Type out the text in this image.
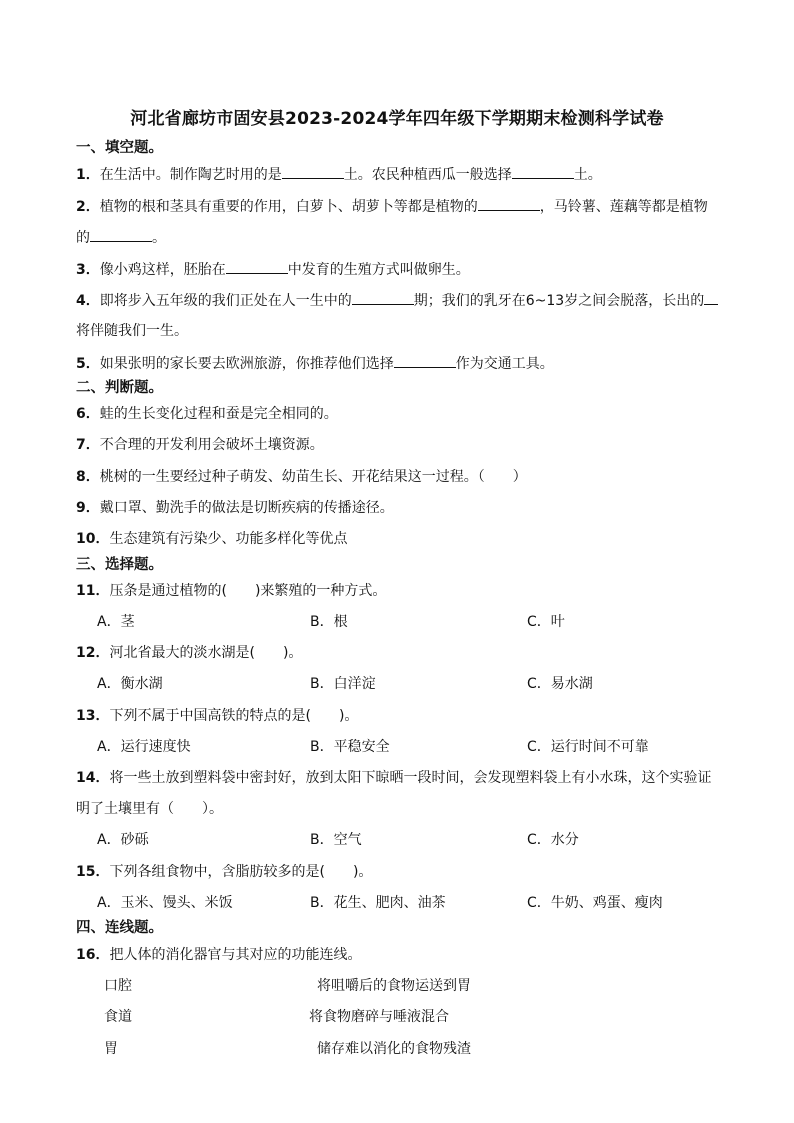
河北省廊坊市固安县2023-2024学年四年级下学期期末检测科学试卷
一、填空题。
1．在生活中。制作陶艺时用的是	土。农民种植西瓜一般选择	土。
2．植物的根和茎具有重要的作用，白萝卜、胡萝卜等都是植物的	，马铃薯、莲藕等都是植物
的	。
3．像小鸡这样，胚胎在	中发育的生殖方式叫做卵生。
4．即将步入五年级的我们正处在人一生中的	期；我们的乳牙在6~13岁之间会脱落，长出的
将伴随我们一生。
5．如果张明的家长要去欧洲旅游，你推荐他们选择	作为交通工具。
二、判断题。
6．蛙的生长变化过程和蚕是完全相同的。
7．不合理的开发利用会破坏土壤资源。
8．桃树的一生要经过种子萌发、幼苗生长、开花结果这一过程。（　　）
9．戴口罩、勤洗手的做法是切断疾病的传播途径。
10．生态建筑有污染少、功能多样化等优点
三、选择题。
11．压条是通过植物的(　　)来繁殖的一种方式。
A．茎	B．根	C．叶
12．河北省最大的淡水湖是(　　)。
A．衡水湖	B．白洋淀	C．易水湖
13．下列不属于中国高铁的特点的是(　　)。
A．运行速度快	B．平稳安全	C．运行时间不可靠
14．将一些土放到塑料袋中密封好，放到太阳下晾晒一段时间，会发现塑料袋上有小水珠，这个实验证
明了土壤里有（　　）。
A．砂砾	B．空气	C．水分
15．下列各组食物中，含脂肪较多的是(　　)。
A．玉米、馒头、米饭	B．花生、肥肉、油茶	C．牛奶、鸡蛋、瘦肉
四、连线题。
16．把人体的消化器官与其对应的功能连线。
口腔	将咀嚼后的食物运送到胃
食道	将食物磨碎与唾液混合
胃	储存难以消化的食物残渣
